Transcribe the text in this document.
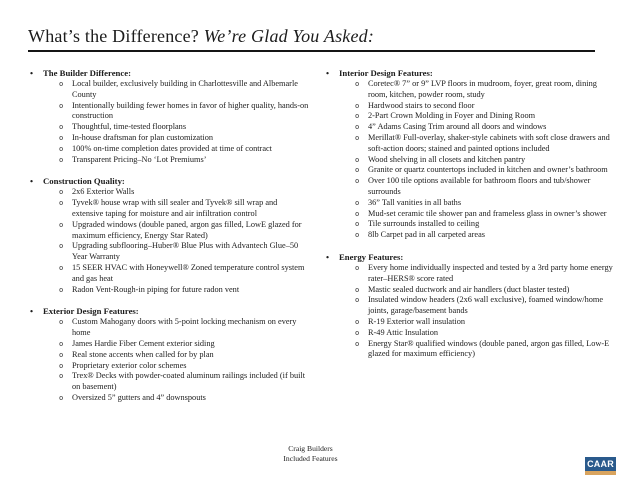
What’s the Difference? We’re Glad You Asked:
•	The Builder Difference:
o	Local builder, exclusively building in Charlottesville and Albemarle County
o	Intentionally building fewer homes in favor of higher quality, hands-on construction
o	Thoughtful, time-tested floorplans
o	In-house draftsman for plan customization
o	100% on-time completion dates provided at time of contract
o	Transparent Pricing–No ‘Lot Premiums’
•	Construction Quality:
o	2x6 Exterior Walls
o	Tyvek® house wrap with sill sealer and Tyvek® sill wrap and extensive taping for moisture and air infiltration control
o	Upgraded windows (double paned, argon gas filled, LowE glazed for maximum efficiency, Energy Star Rated)
o	Upgrading subflooring–Huber® Blue Plus with Advantech Glue–50 Year Warranty
o	15 SEER HVAC with Honeywell® Zoned temperature control system and gas heat
o	Radon Vent-Rough-in piping for future radon vent
•	Exterior Design Features:
o	Custom Mahogany doors with 5-point locking mechanism on every home
o	James Hardie Fiber Cement exterior siding
o	Real stone accents when called for by plan
o	Proprietary exterior color schemes
o	Trex® Decks with powder-coated aluminum railings included (if built on basement)
o	Oversized 5” gutters and 4” downspouts
•	Interior Design Features:
o	Coretec® 7” or 9” LVP floors in mudroom, foyer, great room, dining room, kitchen, powder room, study
o	Hardwood stairs to second floor
o	2-Part Crown Molding in Foyer and Dining Room
o	4” Adams Casing Trim around all doors and windows
o	Merillat® Full-overlay, shaker-style cabinets with soft close drawers and soft-action doors; stained and painted options included
o	Wood shelving in all closets and kitchen pantry
o	Granite or quartz countertops included in kitchen and owner’s bathroom
o	Over 100 tile options available for bathroom floors and tub/shower surrounds
o	36” Tall vanities in all baths
o	Mud-set ceramic tile shower pan and frameless glass in owner’s shower
o	Tile surrounds installed to ceiling
o	8lb Carpet pad in all carpeted areas
•	Energy Features:
o	Every home individually inspected and tested by a 3rd party home energy rater–HERS® score rated
o	Mastic sealed ductwork and air handlers (duct blaster tested)
o	Insulated window headers (2x6 wall exclusive), foamed window/home joints, garage/basement bands
o	R-19 Exterior wall insulation
o	R-49 Attic Insulation
o	Energy Star® qualified windows (double paned, argon gas filled, Low-E glazed for maximum efficiency)
Craig Builders
Included Features
CAAR
